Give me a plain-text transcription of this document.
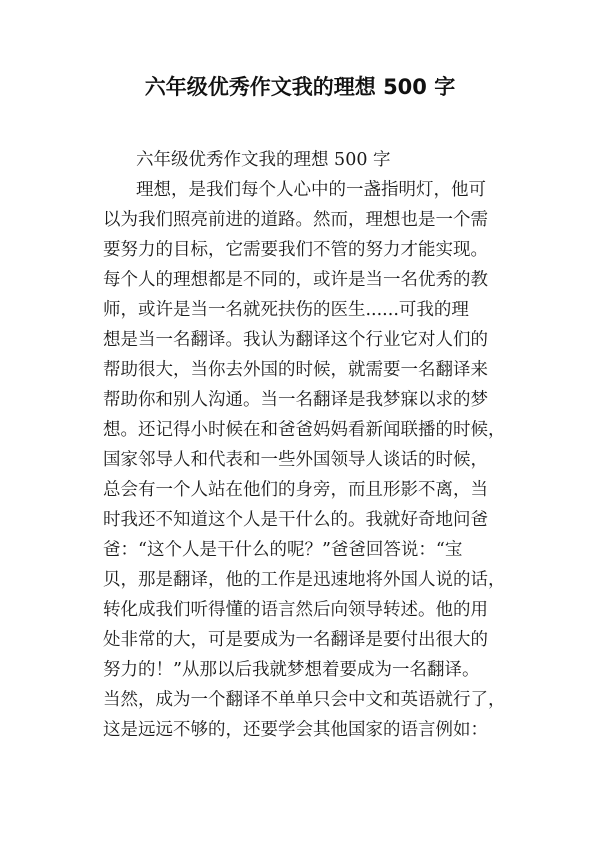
六年级优秀作文我的理想 500 字
六年级优秀作文我的理想 500 字
理想，是我们每个人心中的一盏指明灯，他可
以为我们照亮前进的道路。然而，理想也是一个需
要努力的目标，它需要我们不管的努力才能实现。
每个人的理想都是不同的，或许是当一名优秀的教
师，或许是当一名就死扶伤的医生......可我的理
想是当一名翻译。我认为翻译这个行业它对人们的
帮助很大，当你去外国的时候，就需要一名翻译来
帮助你和别人沟通。当一名翻译是我梦寐以求的梦
想。还记得小时候在和爸爸妈妈看新闻联播的时候，
国家邻导人和代表和一些外国领导人谈话的时候，
总会有一个人站在他们的身旁，而且形影不离，当
时我还不知道这个人是干什么的。我就好奇地问爸
爸：“这个人是干什么的呢？”爸爸回答说：“宝
贝，那是翻译，他的工作是迅速地将外国人说的话，
转化成我们听得懂的语言然后向领导转述。他的用
处非常的大，可是要成为一名翻译是要付出很大的
努力的！”从那以后我就梦想着要成为一名翻译。
当然，成为一个翻译不单单只会中文和英语就行了，
这是远远不够的，还要学会其他国家的语言例如：
